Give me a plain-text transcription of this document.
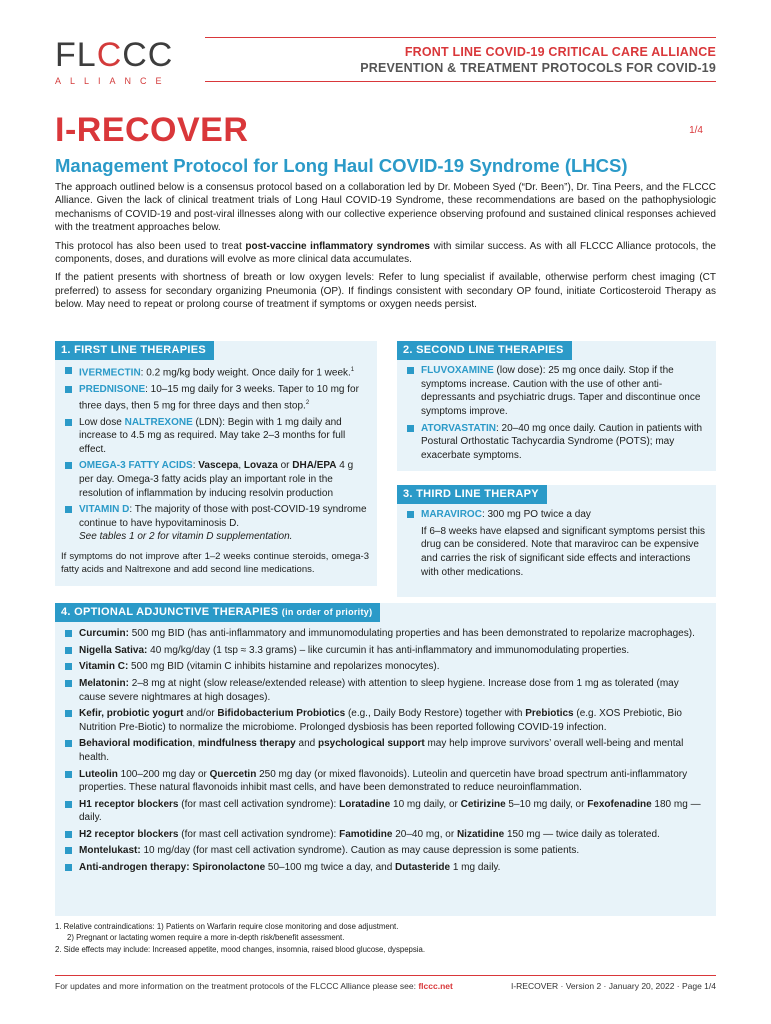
FLCCC
ALLIANCE
FRONT LINE COVID-19 CRITICAL CARE ALLIANCE
PREVENTION & TREATMENT PROTOCOLS FOR COVID-19
1/4
I-RECOVER
Management Protocol for Long Haul COVID-19 Syndrome (LHCS)

The approach outlined below is a consensus protocol based on a collaboration led by Dr. Mobeen Syed (“Dr. Been”), Dr. Tina Peers, and the FLCCC Alliance. Given the lack of clinical treatment trials of Long Haul COVID-19 Syndrome, these recommendations are based on the pathophysiologic mechanisms of COVID-19 and post-viral illnesses along with our collective experience observing profound and sustained clinical responses achieved with the treatment approaches below.

This protocol has also been used to treat post-vaccine inflammatory syndromes with similar success. As with all FLCCC Alliance protocols, the components, doses, and durations will evolve as more clinical data accumulates.

If the patient presents with shortness of breath or low oxygen levels: Refer to lung specialist if available, otherwise perform chest imaging (CT preferred) to assess for secondary organizing Pneumonia (OP). If findings consistent with secondary OP found, initiate Corticosteroid Therapy as below. May need to repeat or prolong course of treatment if symptoms or oxygen needs persist.

1. FIRST LINE THERAPIES
IVERMECTIN: 0.2 mg/kg body weight. Once daily for 1 week.$^1$
PREDNISONE: 10–15 mg daily for 3 weeks. Taper to 10 mg for three days, then 5 mg for three days and then stop.$^2$
Low dose NALTREXONE (LDN): Begin with 1 mg daily and increase to 4.5 mg as required. May take 2–3 months for full effect.
OMEGA-3 FATTY ACIDS: Vascepa, Lovaza or DHA/EPA 4 g per day. Omega-3 fatty acids play an important role in the resolution of inflammation by inducing resolvin production
VITAMIN D: The majority of those with post-COVID-19 syndrome continue to have hypovitaminosis D.
See tables 1 or 2 for vitamin D supplementation.
If symptoms do not improve after 1–2 weeks continue steroids, omega-3 fatty acids and Naltrexone and add second line medications.
2. SECOND LINE THERAPIES
FLUVOXAMINE (low dose): 25 mg once daily. Stop if the symptoms increase. Caution with the use of other anti-depressants and psychiatric drugs. Taper and discontinue once symptoms improve.
ATORVASTATIN: 20–40 mg once daily. Caution in patients with Postural Orthostatic Tachycardia Syndrome (POTS); may exacerbate symptoms.
3. THIRD LINE THERAPY
MARAVIROC: 300 mg PO twice a day
If 6–8 weeks have elapsed and significant symptoms persist this drug can be considered. Note that maraviroc can be expensive and carries the risk of significant side effects and interactions with other medications.
4. OPTIONAL ADJUNCTIVE THERAPIES (in order of priority)
Curcumin: 500 mg BID (has anti-inflammatory and immunomodulating properties and has been demonstrated to repolarize macrophages).
Nigella Sativa: 40 mg/kg/day (1 tsp ≈ 3.3 grams) – like curcumin it has anti-inflammatory and immunomodulating properties.
Vitamin C: 500 mg BID (vitamin C inhibits histamine and repolarizes monocytes).
Melatonin: 2–8 mg at night (slow release/extended release) with attention to sleep hygiene. Increase dose from 1 mg as tolerated (may cause severe nightmares at high dosages).
Kefir, probiotic yogurt and/or Bifidobacterium Probiotics (e.g., Daily Body Restore) together with Prebiotics (e.g. XOS Prebiotic, Bio Nutrition Pre-Biotic) to normalize the microbiome. Prolonged dysbiosis has been reported following COVID-19 infection.
Behavioral modification, mindfulness therapy and psychological support may help improve survivors’ overall well-being and mental health.
Luteolin 100–200 mg day or Quercetin 250 mg day (or mixed flavonoids). Luteolin and quercetin have broad spectrum anti-inflammatory properties. These natural flavonoids inhibit mast cells, and have been demonstrated to reduce neuroinflammation.
H1 receptor blockers (for mast cell activation syndrome): Loratadine 10 mg daily, or Cetirizine 5–10 mg daily, or Fexofenadine 180 mg — daily.
H2 receptor blockers (for mast cell activation syndrome): Famotidine 20–40 mg, or Nizatidine 150 mg — twice daily as tolerated.
Montelukast: 10 mg/day (for mast cell activation syndrome). Caution as may cause depression is some patients.
Anti-androgen therapy: Spironolactone 50–100 mg twice a day, and Dutasteride 1 mg daily.
1. Relative contraindications: 1) Patients on Warfarin require close monitoring and dose adjustment.
2) Pregnant or lactating women require a more in-depth risk/benefit assessment.
2. Side effects may include: Increased appetite, mood changes, insomnia, raised blood glucose, dyspepsia.
For updates and more information on the treatment protocols of the FLCCC Alliance please see: flccc.net	I-RECOVER · Version 2 · January 20, 2022 · Page 1/4
